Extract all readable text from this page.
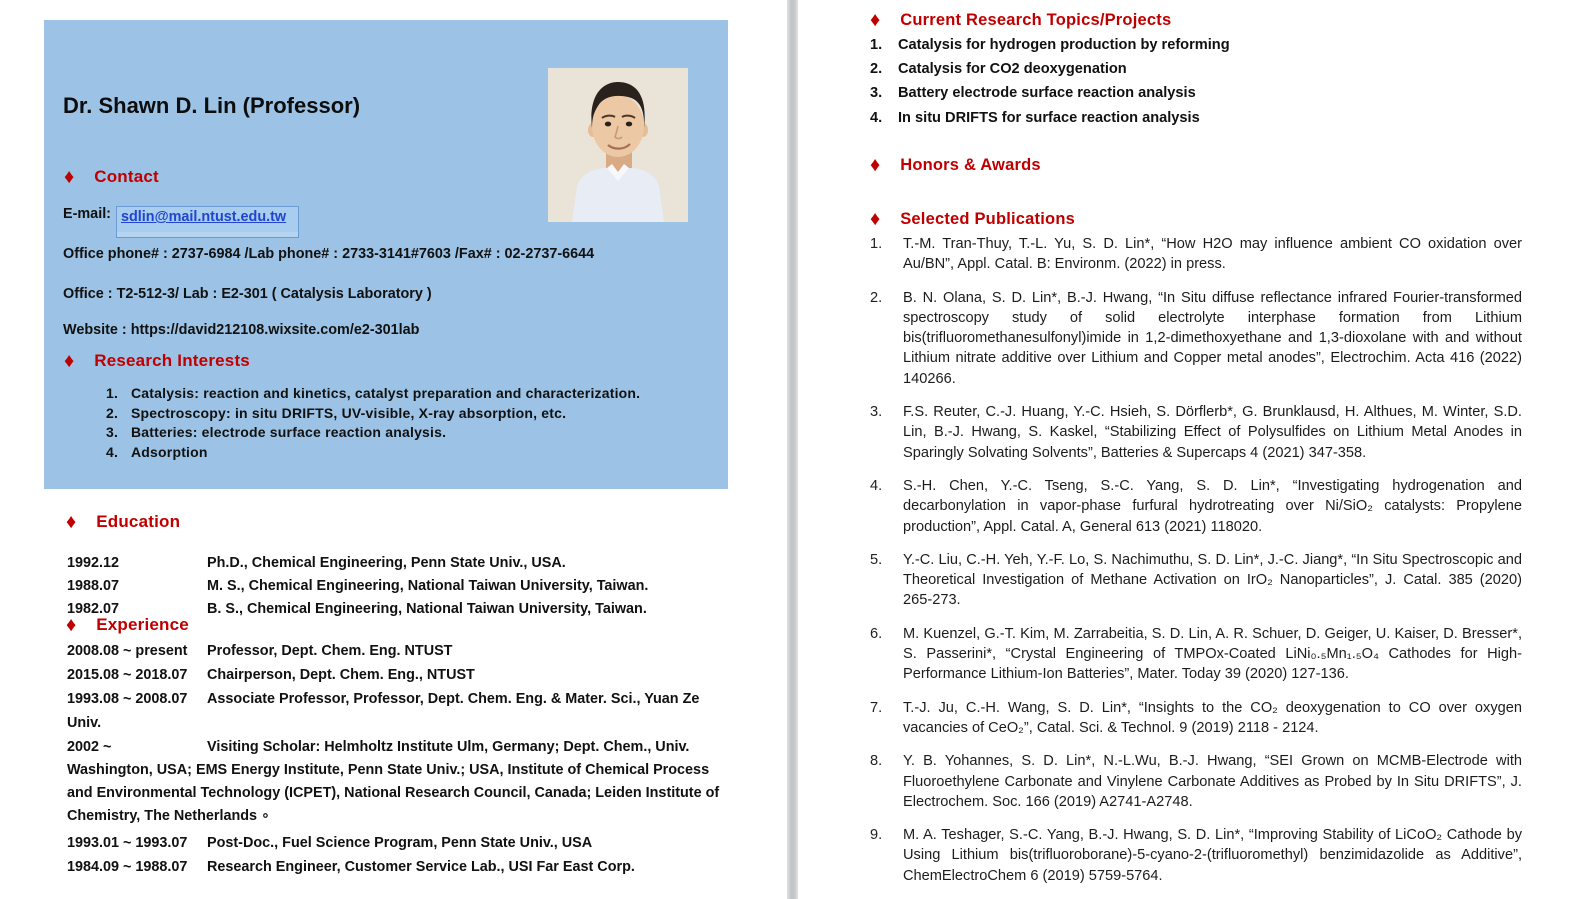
Dr. Shawn D. Lin (Professor)
♦ Contact
E-mail: sdlin@mail.ntust.edu.tw
Office phone# : 2737-6984 /Lab phone# : 2733-3141#7603 /Fax# : 02-2737-6644
Office : T2-512-3/ Lab : E2-301 ( Catalysis Laboratory )
Website : https://david212108.wixsite.com/e2-301lab
♦ Research Interests
1. Catalysis: reaction and kinetics, catalyst preparation and characterization.
2. Spectroscopy: in situ DRIFTS, UV-visible, X-ray absorption, etc.
3. Batteries: electrode surface reaction analysis.
4. Adsorption
♦ Education
1992.12	Ph.D., Chemical Engineering, Penn State Univ., USA.
1988.07	M. S., Chemical Engineering, National Taiwan University, Taiwan.
1982.07	B. S., Chemical Engineering, National Taiwan University, Taiwan.
♦ Experience

2008.08 ~ present Professor, Dept. Chem. Eng. NTUST

2015.08 ~ 2018.07 Chairperson, Dept. Chem. Eng., NTUST

1993.08 ~ 2008.07 Associate Professor, Professor, Dept. Chem. Eng. & Mater. Sci., Yuan Ze Univ.

2002 ~	Visiting Scholar: Helmholtz Institute Ulm, Germany; Dept. Chem., Univ. Washington, USA; EMS Energy Institute, Penn State Univ.; USA, Institute of Chemical Process and Environmental Technology (ICPET), National Research Council, Canada; Leiden Institute of Chemistry, The Netherlands ∘

1993.01 ~ 1993.07 Post-Doc., Fuel Science Program, Penn State Univ., USA

1984.09 ~ 1988.07 Research Engineer, Customer Service Lab., USI Far East Corp.

♦ Current Research Topics/Projects
1.	Catalysis for hydrogen production by reforming
2.	Catalysis for CO2 deoxygenation
3.	Battery electrode surface reaction analysis
4.	In situ DRIFTS for surface reaction analysis
♦ Honors & Awards
♦ Selected Publications
1.	T.-M. Tran-Thuy, T.-L. Yu, S. D. Lin*, “How H2O may influence ambient CO oxidation over Au/BN”, Appl. Catal. B: Environm. (2022) in press.
2.	B. N. Olana, S. D. Lin*, B.-J. Hwang, “In Situ diffuse reflectance infrared Fourier-transformed spectroscopy study of solid electrolyte interphase formation from Lithium bis(trifluoromethanesulfonyl)imide in 1,2-dimethoxyethane and 1,3-dioxolane with and without Lithium nitrate additive over Lithium and Copper metal anodes”, Electrochim. Acta 416 (2022) 140266.
3.	F.S. Reuter, C.-J. Huang, Y.-C. Hsieh, S. Dörflerb*, G. Brunklausd, H. Althues, M. Winter, S.D. Lin, B.-J. Hwang, S. Kaskel, “Stabilizing Effect of Polysulfides on Lithium Metal Anodes in Sparingly Solvating Solvents”, Batteries & Supercaps 4 (2021) 347-358.
4.	S.-H. Chen, Y.-C. Tseng, S.-C. Yang, S. D. Lin*, “Investigating hydrogenation and decarbonylation in vapor-phase furfural hydrotreating over Ni/SiO₂ catalysts: Propylene production”, Appl. Catal. A, General 613 (2021) 118020.
5.	Y.-C. Liu, C.-H. Yeh, Y.-F. Lo, S. Nachimuthu, S. D. Lin*, J.-C. Jiang*, “In Situ Spectroscopic and Theoretical Investigation of Methane Activation on IrO₂ Nanoparticles”, J. Catal. 385 (2020) 265-273.
6.	M. Kuenzel, G.-T. Kim, M. Zarrabeitia, S. D. Lin, A. R. Schuer, D. Geiger, U. Kaiser, D. Bresser*, S. Passerini*, “Crystal Engineering of TMPOx-Coated LiNi₀.₅Mn₁.₅O₄ Cathodes for High-Performance Lithium-Ion Batteries”, Mater. Today 39 (2020) 127-136.
7.	T.-J. Ju, C.-H. Wang, S. D. Lin*, “Insights to the CO₂ deoxygenation to CO over oxygen vacancies of CeO₂”, Catal. Sci. & Technol. 9 (2019) 2118 - 2124.
8.	Y. B. Yohannes, S. D. Lin*, N.-L.Wu, B.-J. Hwang, “SEI Grown on MCMB-Electrode with Fluoroethylene Carbonate and Vinylene Carbonate Additives as Probed by In Situ DRIFTS”, J. Electrochem. Soc. 166 (2019) A2741-A2748.
9.	M. A. Teshager, S.-C. Yang, B.-J. Hwang, S. D. Lin*, “Improving Stability of LiCoO₂ Cathode by Using Lithium bis(trifluoroborane)-5-cyano-2-(trifluoromethyl) benzimidazolide as Additive”, ChemElectroChem 6 (2019) 5759-5764.
